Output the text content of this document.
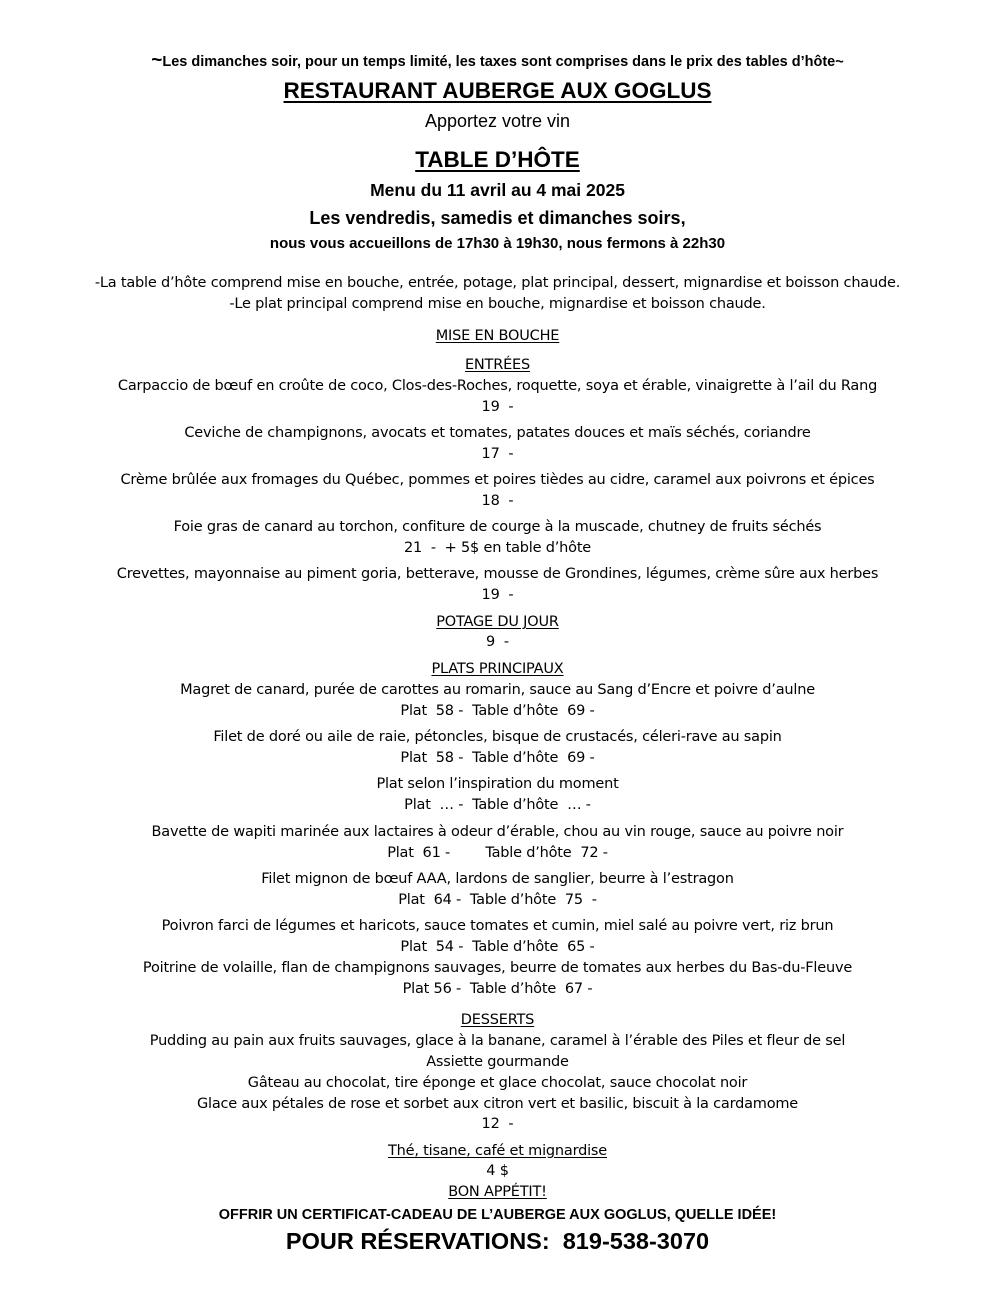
~Les dimanches soir, pour un temps limité, les taxes sont comprises dans le prix des tables d’hôte~
RESTAURANT AUBERGE AUX GOGLUS
Apportez votre vin
TABLE D’HÔTE
Menu du 11 avril au 4 mai 2025
Les vendredis, samedis et dimanches soirs,
nous vous accueillons de 17h30 à 19h30, nous fermons à 22h30
-La table d’hôte comprend mise en bouche, entrée, potage, plat principal, dessert, mignardise et boisson chaude.
-Le plat principal comprend mise en bouche, mignardise et boisson chaude.
MISE EN BOUCHE
ENTRÉES
Carpaccio de bœuf en croûte de coco, Clos-des-Roches, roquette, soya et érable, vinaigrette à l’ail du Rang
19  -
Ceviche de champignons, avocats et tomates, patates douces et maïs séchés, coriandre
17  -
Crème brûlée aux fromages du Québec, pommes et poires tièdes au cidre, caramel aux poivrons et épices
18  -
Foie gras de canard au torchon, confiture de courge à la muscade, chutney de fruits séchés
21  -  + 5$ en table d’hôte
Crevettes, mayonnaise au piment goria, betterave, mousse de Grondines, légumes, crème sûre aux herbes
19  -
POTAGE DU JOUR
9  -
PLATS PRINCIPAUX
Magret de canard, purée de carottes au romarin, sauce au Sang d’Encre et poivre d’aulne
Plat  58 -  Table d’hôte  69 -
Filet de doré ou aile de raie, pétoncles, bisque de crustacés, céleri-rave au sapin
Plat  58 -  Table d’hôte  69 -
Plat selon l’inspiration du moment
Plat  … -  Table d’hôte  … -
Bavette de wapiti marinée aux lactaires à odeur d’érable, chou au vin rouge, sauce au poivre noir
Plat  61 -        Table d’hôte  72 -
Filet mignon de bœuf AAA, lardons de sanglier, beurre à l’estragon
Plat  64 -  Table d’hôte  75  -
Poivron farci de légumes et haricots, sauce tomates et cumin, miel salé au poivre vert, riz brun
Plat  54 -  Table d’hôte  65 -
Poitrine de volaille, flan de champignons sauvages, beurre de tomates aux herbes du Bas-du-Fleuve
Plat 56 -  Table d’hôte  67 -
DESSERTS
Pudding au pain aux fruits sauvages, glace à la banane, caramel à l’érable des Piles et fleur de sel
Assiette gourmande
Gâteau au chocolat, tire éponge et glace chocolat, sauce chocolat noir
Glace aux pétales de rose et sorbet aux citron vert et basilic, biscuit à la cardamome
12  -
Thé, tisane, café et mignardise
4 $
BON APPÉTIT!
OFFRIR UN CERTIFICAT-CADEAU DE L’AUBERGE AUX GOGLUS, QUELLE IDÉE!
POUR RÉSERVATIONS: 819-538-3070
